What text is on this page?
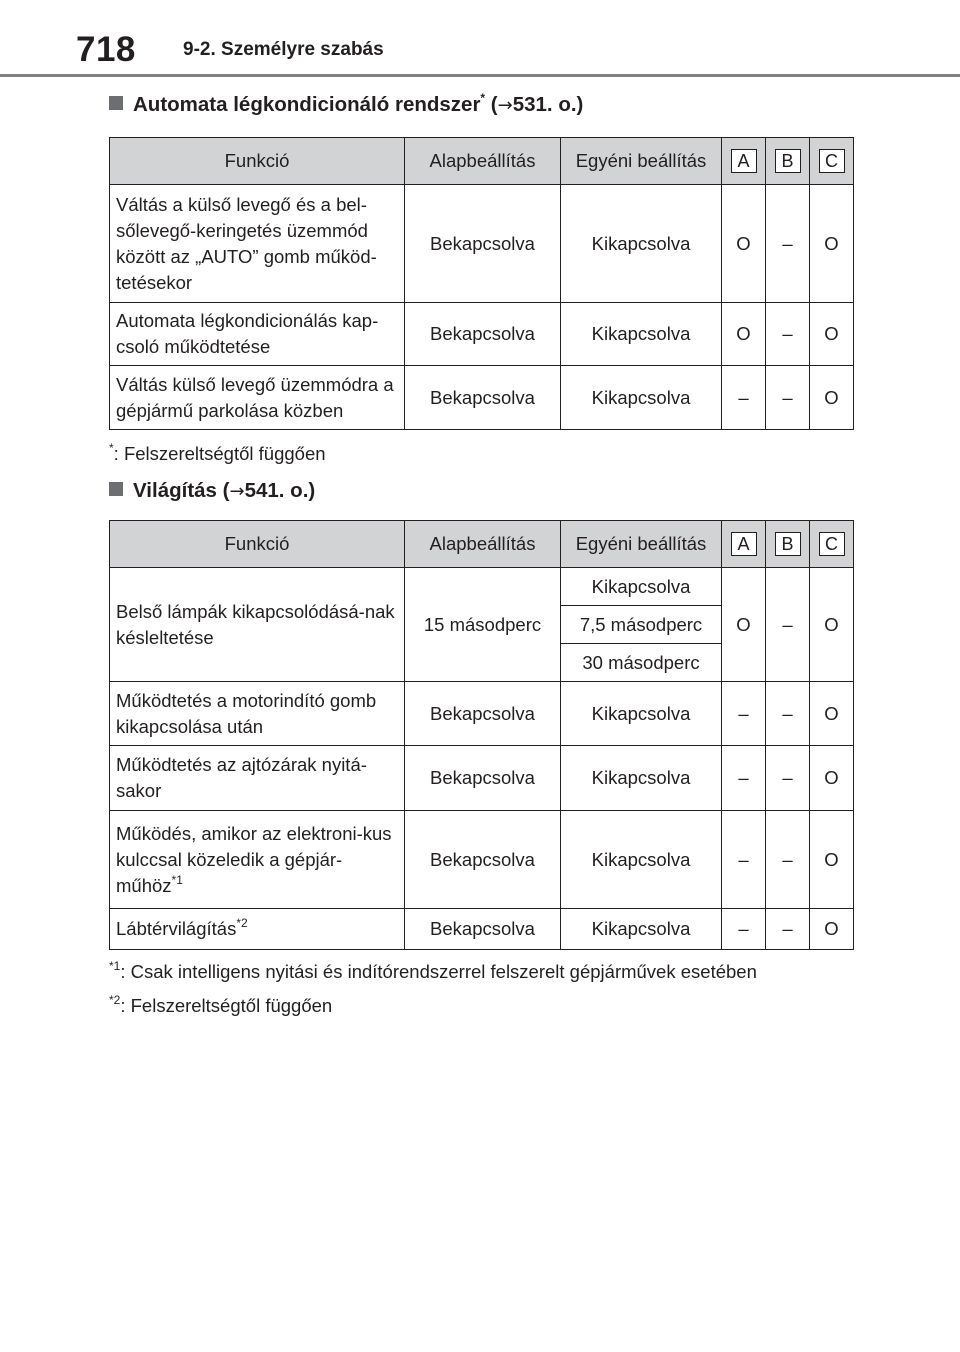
718 9-2. Személyre szabás
Automata légkondicionáló rendszer* (→531. o.)
Funkció	Alapbeállítás	Egyéni beállítás	A	B	C
Váltás a külső levegő és a bel-sőlevegő-keringetés üzemmód között az „AUTO” gomb működ-tetésekor	Bekapcsolva	Kikapcsolva	O	–	O
Automata légkondicionálás kap-csoló működtetése	Bekapcsolva	Kikapcsolva	O	–	O
Váltás külső levegő üzemmódra a gépjármű parkolása közben	Bekapcsolva	Kikapcsolva	–	–	O
*: Felszereltségtől függően
Világítás (→541. o.)
Funkció	Alapbeállítás	Egyéni beállítás	A	B	C
Belső lámpák kikapcsolódásá-nak késleltetése	15 másodperc	Kikapcsolva	O	–	O
		7,5 másodperc			
		30 másodperc			
Működtetés a motorindító gomb kikapcsolása után	Bekapcsolva	Kikapcsolva	–	–	O
Működtetés az ajtózárak nyitá-sakor	Bekapcsolva	Kikapcsolva	–	–	O
Működés, amikor az elektroni-kus kulccsal közeledik a gépjár-műhöz$^{*1}$	Bekapcsolva	Kikapcsolva	–	–	O
Lábtérvilágítás$^{*2}$	Bekapcsolva	Kikapcsolva	–	–	O
$^{*1}$: Csak intelligens nyitási és indítórendszerrel felszerelt gépjárművek esetében
$^{*2}$: Felszereltségtől függően
